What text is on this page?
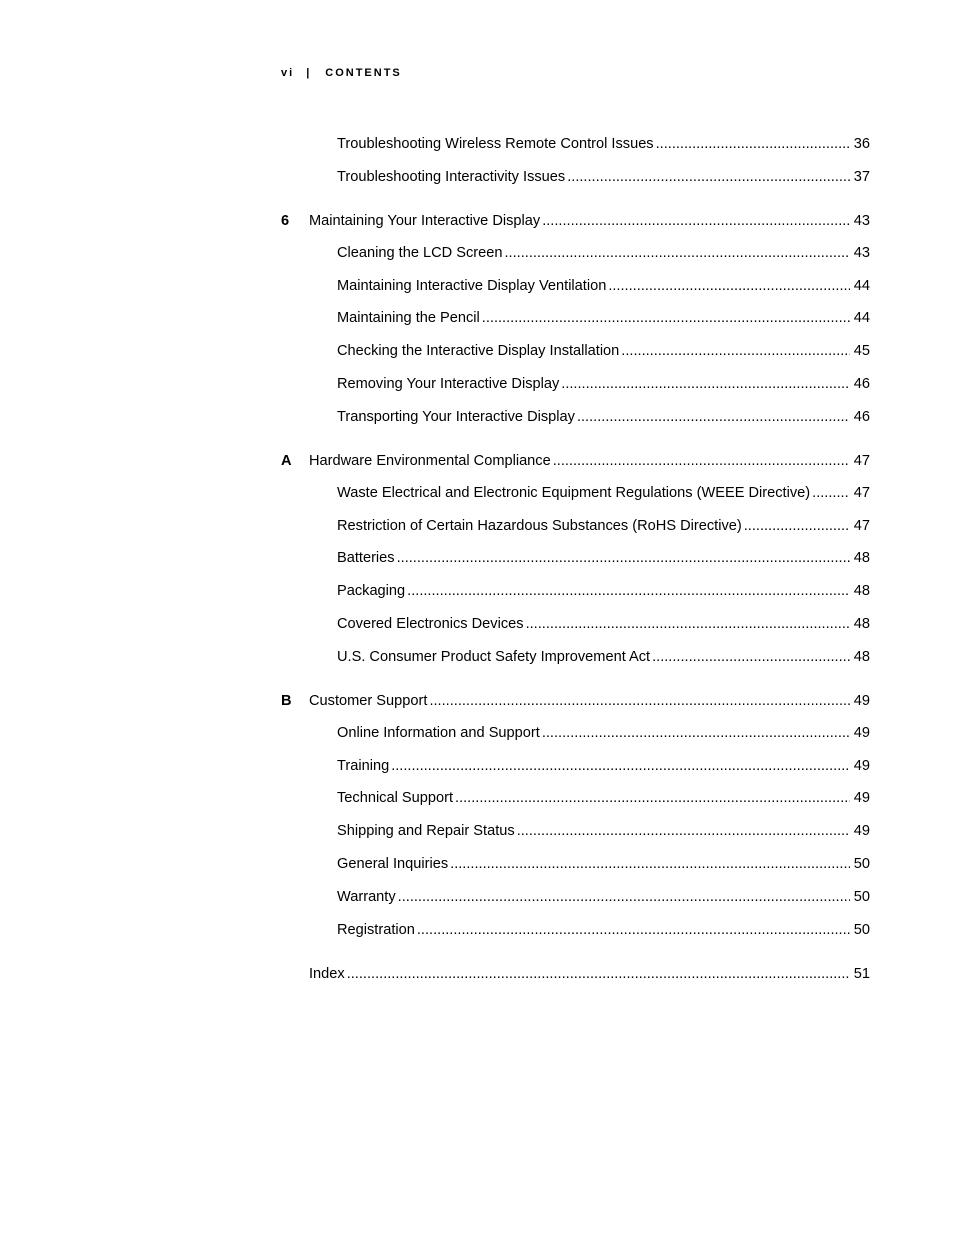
vi | CONTENTS
Troubleshooting Wireless Remote Control Issues .....	36
Troubleshooting Interactivity Issues .....	37
6 Maintaining Your Interactive Display .....	43
Cleaning the LCD Screen .....	43
Maintaining Interactive Display Ventilation .....	44
Maintaining the Pencil .....	44
Checking the Interactive Display Installation .....	45
Removing Your Interactive Display .....	46
Transporting Your Interactive Display .....	46
A Hardware Environmental Compliance .....	47
Waste Electrical and Electronic Equipment Regulations (WEEE Directive) .....	47
Restriction of Certain Hazardous Substances (RoHS Directive) .....	47
Batteries .....	48
Packaging .....	48
Covered Electronics Devices .....	48
U.S. Consumer Product Safety Improvement Act .....	48
B Customer Support .....	49
Online Information and Support .....	49
Training .....	49
Technical Support .....	49
Shipping and Repair Status .....	49
General Inquiries .....	50
Warranty .....	50
Registration .....	50
Index .....	51
